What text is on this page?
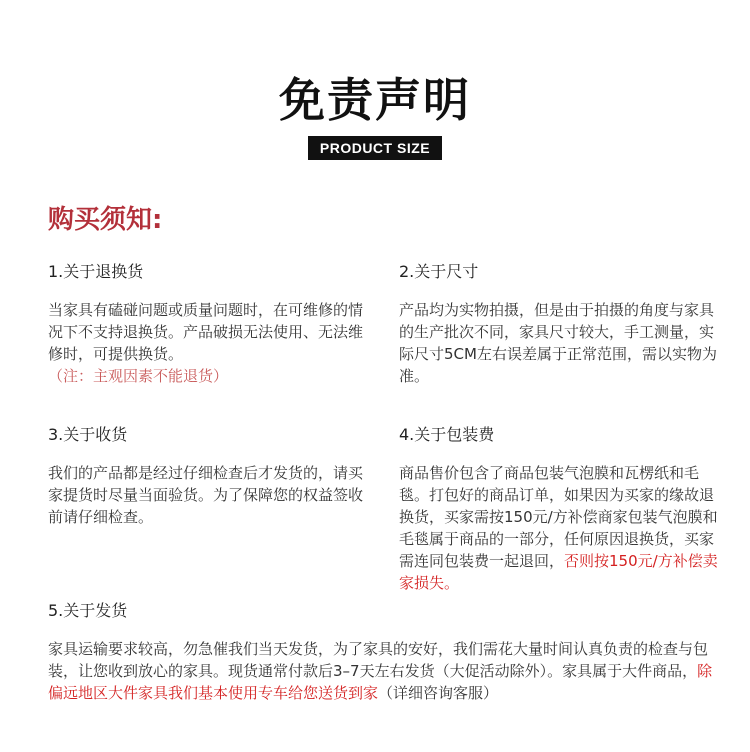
免责声明
PRODUCT SIZE
购买须知:
1.关于退换货

当家具有磕碰问题或质量问题时，在可维修的情况下不支持退换货。产品破损无法使用、无法维修时，可提供换货。

（注：主观因素不能退货）

2.关于尺寸

产品均为实物拍摄，但是由于拍摄的角度与家具的生产批次不同，家具尺寸较大，手工测量，实际尺寸5CM左右误差属于正常范围，需以实物为准。

3.关于收货

我们的产品都是经过仔细检查后才发货的，请买家提货时尽量当面验货。为了保障您的权益签收前请仔细检查。

4.关于包装费

商品售价包含了商品包装气泡膜和瓦楞纸和毛毯。打包好的商品订单，如果因为买家的缘故退换货，买家需按150元/方补偿商家包装气泡膜和毛毯属于商品的一部分，任何原因退换货，买家需连同包装费一起退回，否则按150元/方补偿卖家损失。

5.关于发货

家具运输要求较高，勿急催我们当天发货，为了家具的安好，我们需花大量时间认真负责的检查与包装，让您收到放心的家具。现货通常付款后3–7天左右发货（大促活动除外）。家具属于大件商品，除偏远地区大件家具我们基本使用专车给您送货到家（详细咨询客服）
